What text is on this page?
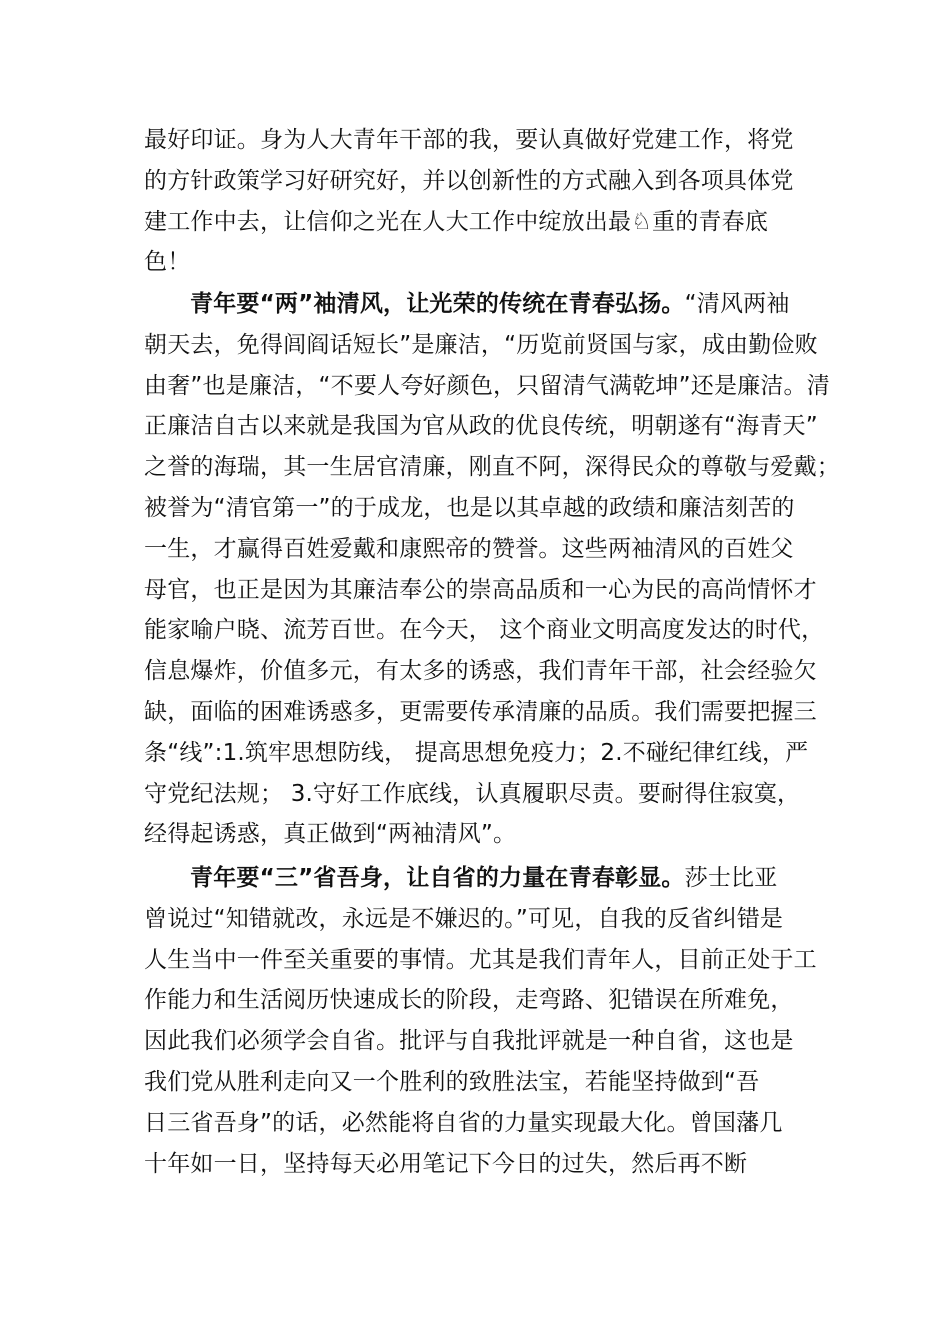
最好印证。身为人大青年干部的我，要认真做好党建工作，将党
的方针政策学习好研究好，并以创新性的方式融入到各项具体党
建工作中去，让信仰之光在人大工作中绽放出最♘重的青春底
色！
青年要“两”袖清风，让光荣的传统在青春弘扬。“清风两袖
朝天去，免得闾阎话短长”是廉洁，“历览前贤国与家，成由勤俭败
由奢”也是廉洁，“不要人夸好颜色，只留清气满乾坤”还是廉洁。清
正廉洁自古以来就是我国为官从政的优良传统，明朝遂有“海青天”
之誉的海瑞，其一生居官清廉，刚直不阿，深得民众的尊敬与爱戴；
被誉为“清官第一”的于成龙，也是以其卓越的政绩和廉洁刻苦的
一生，才赢得百姓爱戴和康熙帝的赞誉。这些两袖清风的百姓父
母官，也正是因为其廉洁奉公的崇高品质和一心为民的高尚情怀才
能家喻户晓、流芳百世。在今天， 这个商业文明高度发达的时代，
信息爆炸，价值多元，有太多的诱惑，我们青年干部，社会经验欠
缺，面临的困难诱惑多，更需要传承清廉的品质。我们需要把握三
条“线”:1.筑牢思想防线， 提高思想免疫力；2.不碰纪律红线，严
守党纪法规； 3.守好工作底线，认真履职尽责。要耐得住寂寞，
经得起诱惑，真正做到“两袖清风”。
青年要“三”省吾身，让自省的力量在青春彰显。莎士比亚
曾说过“知错就改，永远是不嫌迟的。”可见，自我的反省纠错是
人生当中一件至关重要的事情。尤其是我们青年人，目前正处于工
作能力和生活阅历快速成长的阶段，走弯路、犯错误在所难免，
因此我们必须学会自省。批评与自我批评就是一种自省，这也是
我们党从胜利走向又一个胜利的致胜法宝，若能坚持做到“吾
日三省吾身”的话，必然能将自省的力量实现最大化。曾国藩几
十年如一日，坚持每天必用笔记下今日的过失，然后再不断
